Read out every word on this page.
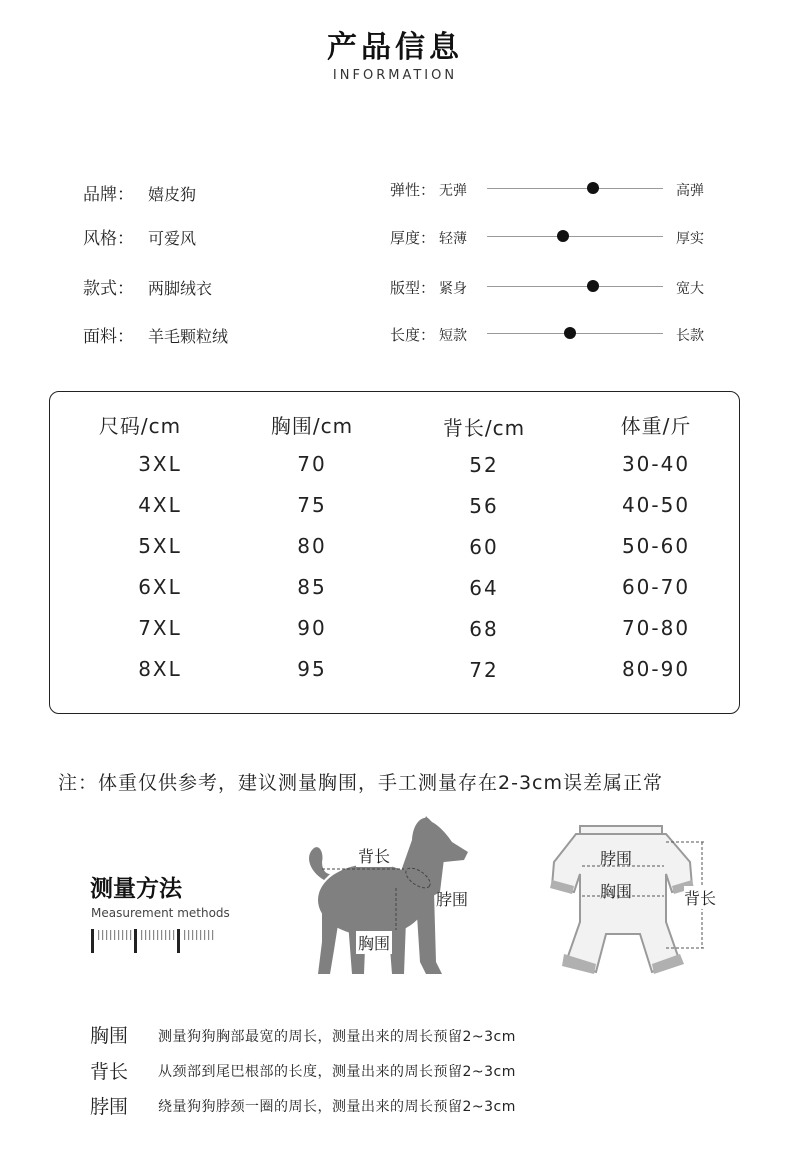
产品信息
INFORMATION
品牌： 嬉皮狗
风格： 可爱风
款式： 两脚绒衣
面料： 羊毛颗粒绒
弹性： 无弹	高弹
厚度： 轻薄	厚实
版型： 紧身	宽大
长度： 短款	长款
尺码/cm	胸围/cm	背长/cm	体重/斤
3XL	70	52	30-40
4XL	75	56	40-50
5XL	80	60	50-60
6XL	85	64	60-70
7XL	90	68	70-80
8XL	95	72	80-90
注：体重仅供参考，建议测量胸围，手工测量存在2-3cm误差属正常
测量方法
Measurement methods
背长
脖围
胸围
脖围
胸围	背长
胸围 测量狗狗胸部最宽的周长，测量出来的周长预留2~3cm
背长 从颈部到尾巴根部的长度，测量出来的周长预留2~3cm
脖围 绕量狗狗脖颈一圈的周长，测量出来的周长预留2~3cm
